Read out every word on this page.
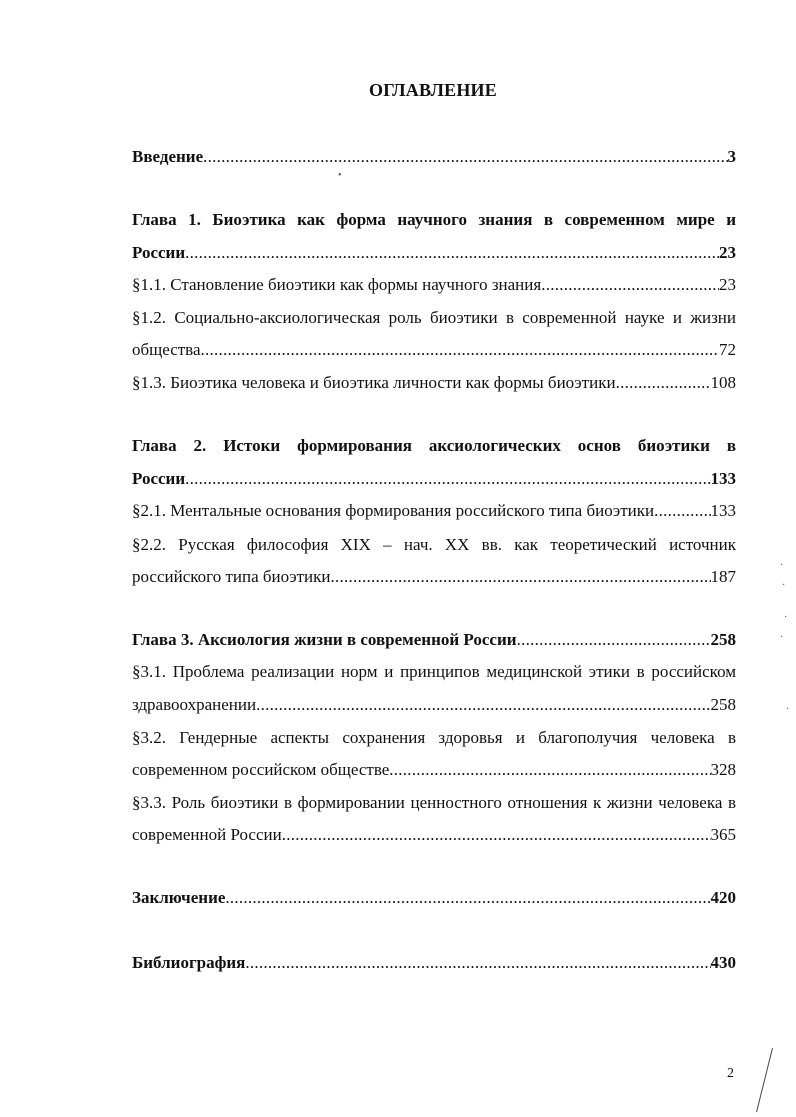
ОГЛАВЛЕНИЕ
Введение . . .	3
Глава 1. Биоэтика как форма научного знания в современном мире и
России . . .	23
§1.1. Становление биоэтики как формы научного знания . . .	23
§1.2. Социально-аксиологическая роль биоэтики в современной науке и жизни
общества . . .	72
§1.3. Биоэтика человека и биоэтика личности как формы биоэтики . . .	108
Глава 2. Истоки формирования аксиологических основ биоэтики в
России . . .	133
§2.1. Ментальные основания формирования российского типа биоэтики . . .	133
§2.2. Русская философия XIX – нач. XX вв. как теоретический источник
российского типа биоэтики . . .	187
Глава 3. Аксиология жизни в современной России . . .	258
§3.1. Проблема реализации норм и принципов медицинской этики в российском
здравоохранении . . .	258
§3.2. Гендерные аспекты сохранения здоровья и благополучия человека в
современном российском обществе . . .	328
§3.3. Роль биоэтики в формировании ценностного отношения к жизни человека в
современной России . . .	365
Заключение . . .	420
Библиография . . .	430
2
•
·
·
·
·
·
